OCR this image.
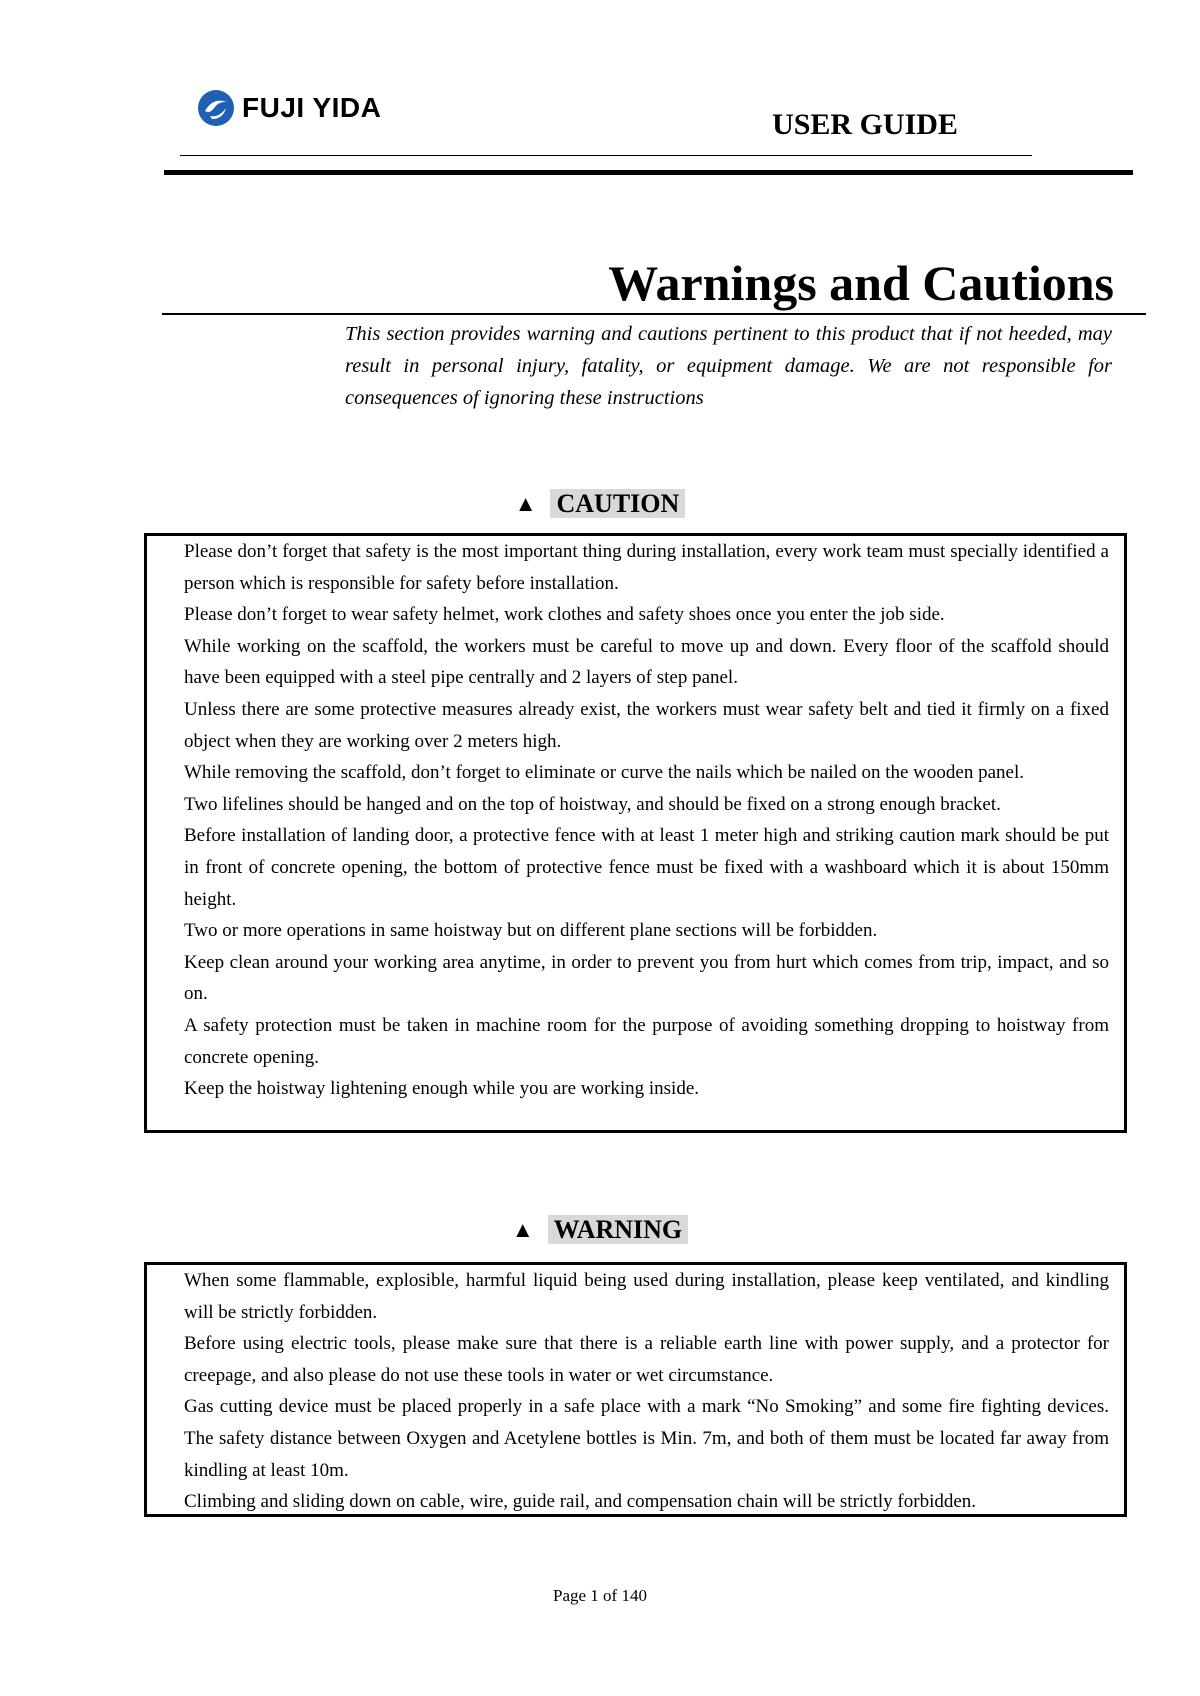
FUJI YIDA
USER GUIDE
Warnings and Cautions
This section provides warning and cautions pertinent to this product that if not heeded, may result in personal injury, fatality, or equipment damage. We are not responsible for consequences of ignoring these instructions
▲ CAUTION
Please don’t forget that safety is the most important thing during installation, every work team must specially identified a person which is responsible for safety before installation.
Please don’t forget to wear safety helmet, work clothes and safety shoes once you enter the job side.
While working on the scaffold, the workers must be careful to move up and down. Every floor of the scaffold should have been equipped with a steel pipe centrally and 2 layers of step panel.
Unless there are some protective measures already exist, the workers must wear safety belt and tied it firmly on a fixed object when they are working over 2 meters high.
While removing the scaffold, don’t forget to eliminate or curve the nails which be nailed on the wooden panel.
Two lifelines should be hanged and on the top of hoistway, and should be fixed on a strong enough bracket.
Before installation of landing door, a protective fence with at least 1 meter high and striking caution mark should be put in front of concrete opening, the bottom of protective fence must be fixed with a washboard which it is about 150mm height.
Two or more operations in same hoistway but on different plane sections will be forbidden.
Keep clean around your working area anytime, in order to prevent you from hurt which comes from trip, impact, and so on.
A safety protection must be taken in machine room for the purpose of avoiding something dropping to hoistway from concrete opening.
Keep the hoistway lightening enough while you are working inside.
▲ WARNING
When some flammable, explosible, harmful liquid being used during installation, please keep ventilated, and kindling will be strictly forbidden.
Before using electric tools, please make sure that there is a reliable earth line with power supply, and a protector for creepage, and also please do not use these tools in water or wet circumstance.
Gas cutting device must be placed properly in a safe place with a mark “No Smoking” and some fire fighting devices. The safety distance between Oxygen and Acetylene bottles is Min. 7m, and both of them must be located far away from kindling at least 10m.
Climbing and sliding down on cable, wire, guide rail, and compensation chain will be strictly forbidden.
Page 1 of 140
